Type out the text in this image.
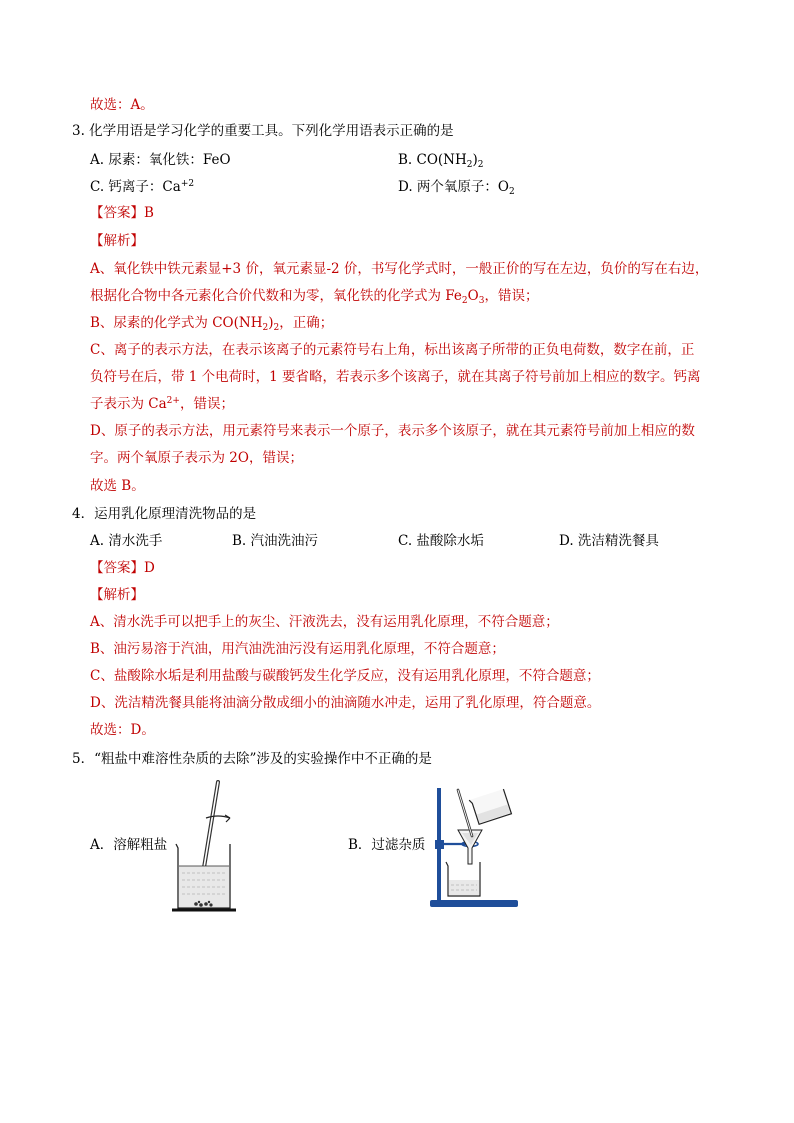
故选：A。
3. 化学用语是学习化学的重要工具。下列化学用语表示正确的是
A. 尿素：氧化铁：FeO	B. $CO(NH_2)_2$
C. 钙离子：$Ca^{+2}$	D. 两个氧原子：$O_2$
【答案】B
【解析】
A、氧化铁中铁元素显+3 价，氧元素显-2 价，书写化学式时，一般正价的写在左边，负价的写在右边，
根据化合物中各元素化合价代数和为零，氧化铁的化学式为 $Fe_2O_3$，错误；
B、尿素的化学式为 $CO(NH_2)_2$，正确；
C、离子的表示方法，在表示该离子的元素符号右上角，标出该离子所带的正负电荷数，数字在前，正
负符号在后，带 1 个电荷时，1 要省略，若表示多个该离子，就在其离子符号前加上相应的数字。钙离
子表示为 $Ca^{2+}$，错误；
D、原子的表示方法，用元素符号来表示一个原子，表示多个该原子，就在其元素符号前加上相应的数
字。两个氧原子表示为 2O，错误；
故选 B。
4．运用乳化原理清洗物品的是
A. 清水洗手	B. 汽油洗油污	C. 盐酸除水垢	D. 洗洁精洗餐具
【答案】D
【解析】
A、清水洗手可以把手上的灰尘、汗液洗去，没有运用乳化原理，不符合题意；
B、油污易溶于汽油，用汽油洗油污没有运用乳化原理，不符合题意；
C、盐酸除水垢是利用盐酸与碳酸钙发生化学反应，没有运用乳化原理，不符合题意；
D、洗洁精洗餐具能将油滴分散成细小的油滴随水冲走，运用了乳化原理，符合题意。
故选：D。
5．“粗盐中难溶性杂质的去除”涉及的实验操作中不正确的是
A．溶解粗盐	B．过滤杂质
